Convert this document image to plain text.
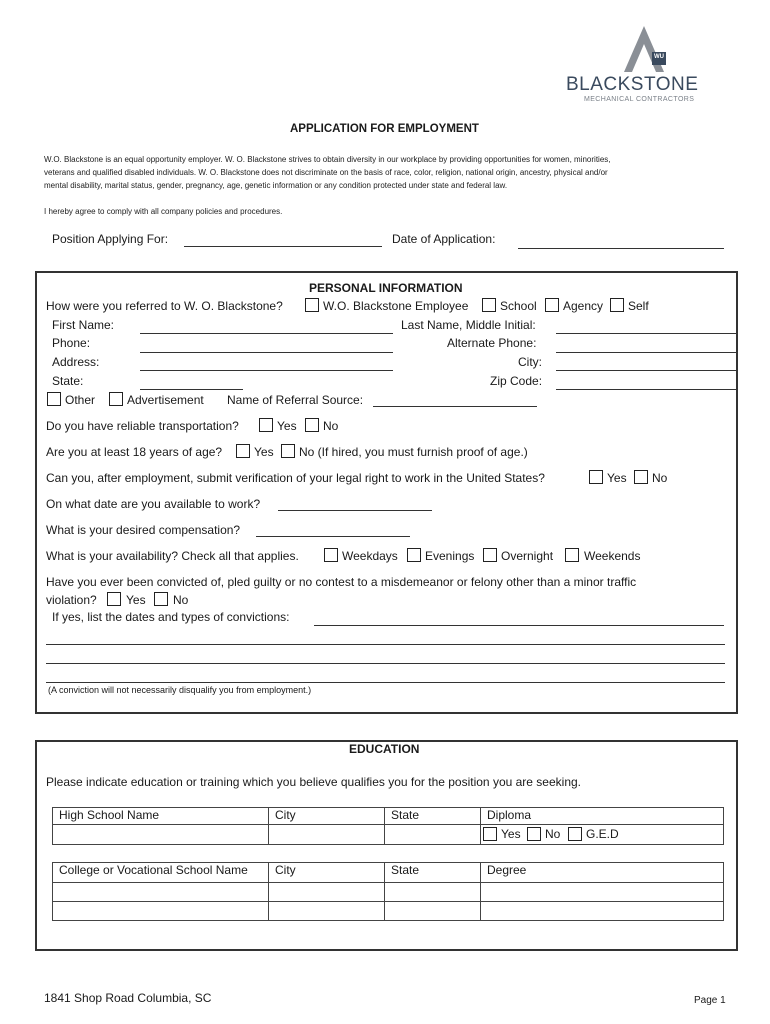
WU
BLACKSTONE
MECHANICAL CONTRACTORS
APPLICATION FOR EMPLOYMENT
W.O. Blackstone is an equal opportunity employer. W. O. Blackstone strives to obtain diversity in our workplace by providing opportunities for women, minorities,
veterans and qualified disabled individuals. W. O. Blackstone does not discriminate on the basis of race, color, religion, national origin, ancestry, physical and/or
mental disability, marital status, gender, pregnancy, age, genetic information or any condition protected under state and federal law.
I hereby agree to comply with all company policies and procedures.
Position Applying For:	Date of Application:
PERSONAL INFORMATION
How were you referred to W. O. Blackstone?	W.O. Blackstone Employee	School Agency Self
First Name:	Last Name, Middle Initial:
Phone:	Alternate Phone:
Address:	City:
State:	Zip Code:
Other	Advertisement Name of Referral Source:
Do you have reliable transportation?	Yes No
Are you at least 18 years of age?	Yes No (If hired, you must furnish proof of age.)
Can you, after employment, submit verification of your legal right to work in the United States?	Yes No
On what date are you available to work?
What is your desired compensation?
What is your availability? Check all that applies.	Weekdays Evenings Overnight	Weekends
Have you ever been convicted of, pled guilty or no contest to a misdemeanor or felony other than a minor traffic
violation? Yes No
If yes, list the dates and types of convictions:
(A conviction will not necessarily disqualify you from employment.)
EDUCATION
Please indicate education or training which you believe qualifies you for the position you are seeking.
High School Name	City	State	Diploma

			Yes No G.E.D
College or Vocational School Name	City	State	Degree

1841 Shop Road Columbia, SC	Page 1
